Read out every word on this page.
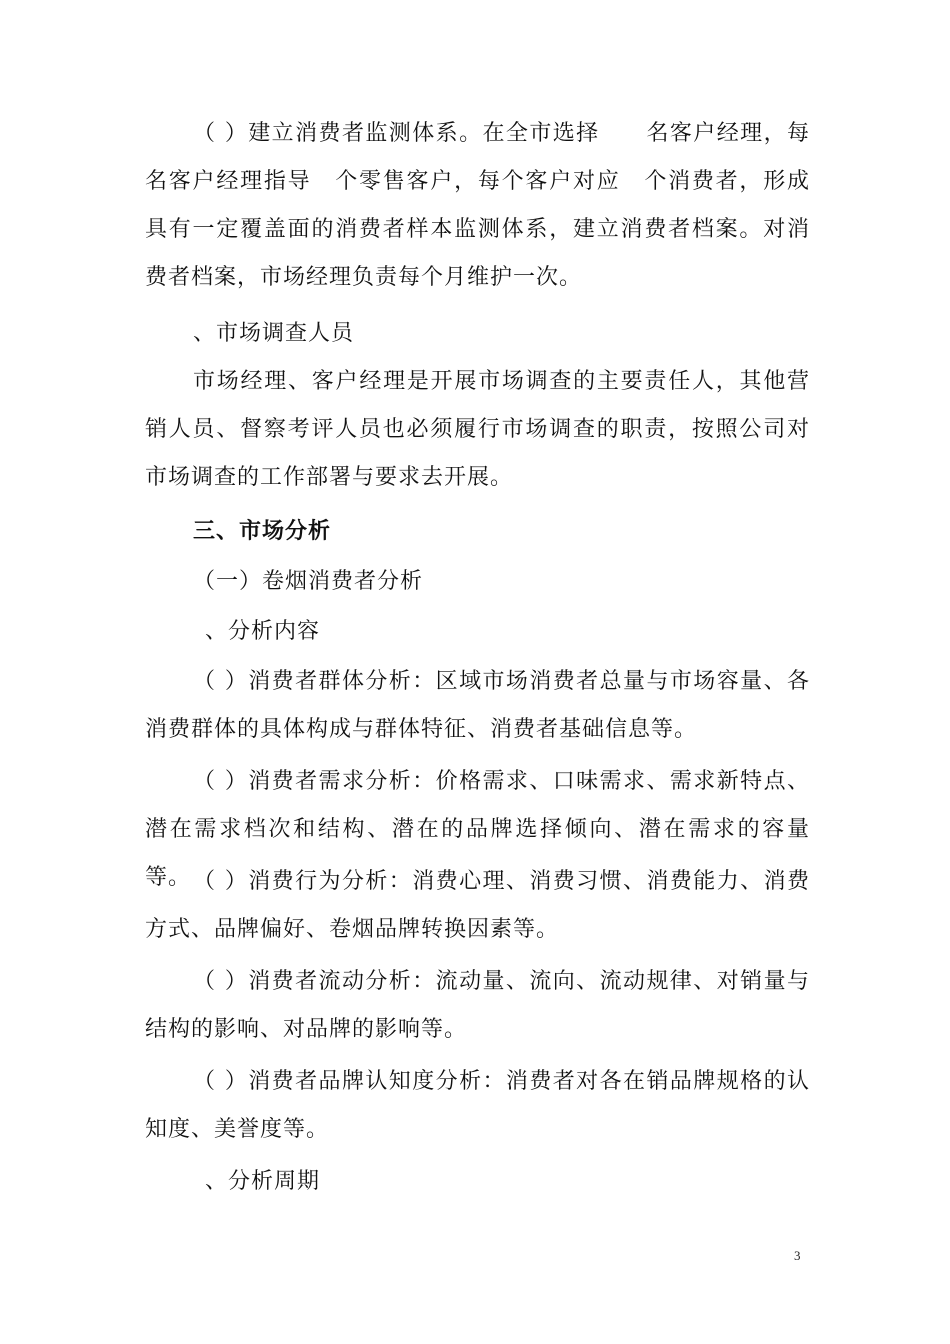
（ ）建立消费者监测体系。在全市选择　　名客户经理，每名客户经理指导　个零售客户，每个客户对应　个消费者，形成具有一定覆盖面的消费者样本监测体系，建立消费者档案。对消费者档案，市场经理负责每个月维护一次。

、市场调查人员

市场经理、客户经理是开展市场调查的主要责任人，其他营销人员、督察考评人员也必须履行市场调查的职责，按照公司对市场调查的工作部署与要求去开展。

三、市场分析

（一）卷烟消费者分析

、分析内容

（ ）消费者群体分析：区域市场消费者总量与市场容量、各消费群体的具体构成与群体特征、消费者基础信息等。

（ ）消费者需求分析：价格需求、口味需求、需求新特点、潜在需求档次和结构、潜在的品牌选择倾向、潜在需求的容量等。 （ ）消费行为分析：消费心理、消费习惯、消费能力、消费方式、品牌偏好、卷烟品牌转换因素等。

（ ）消费者流动分析：流动量、流向、流动规律、对销量与结构的影响、对品牌的影响等。

（ ）消费者品牌认知度分析：消费者对各在销品牌规格的认知度、美誉度等。

、分析周期

3
